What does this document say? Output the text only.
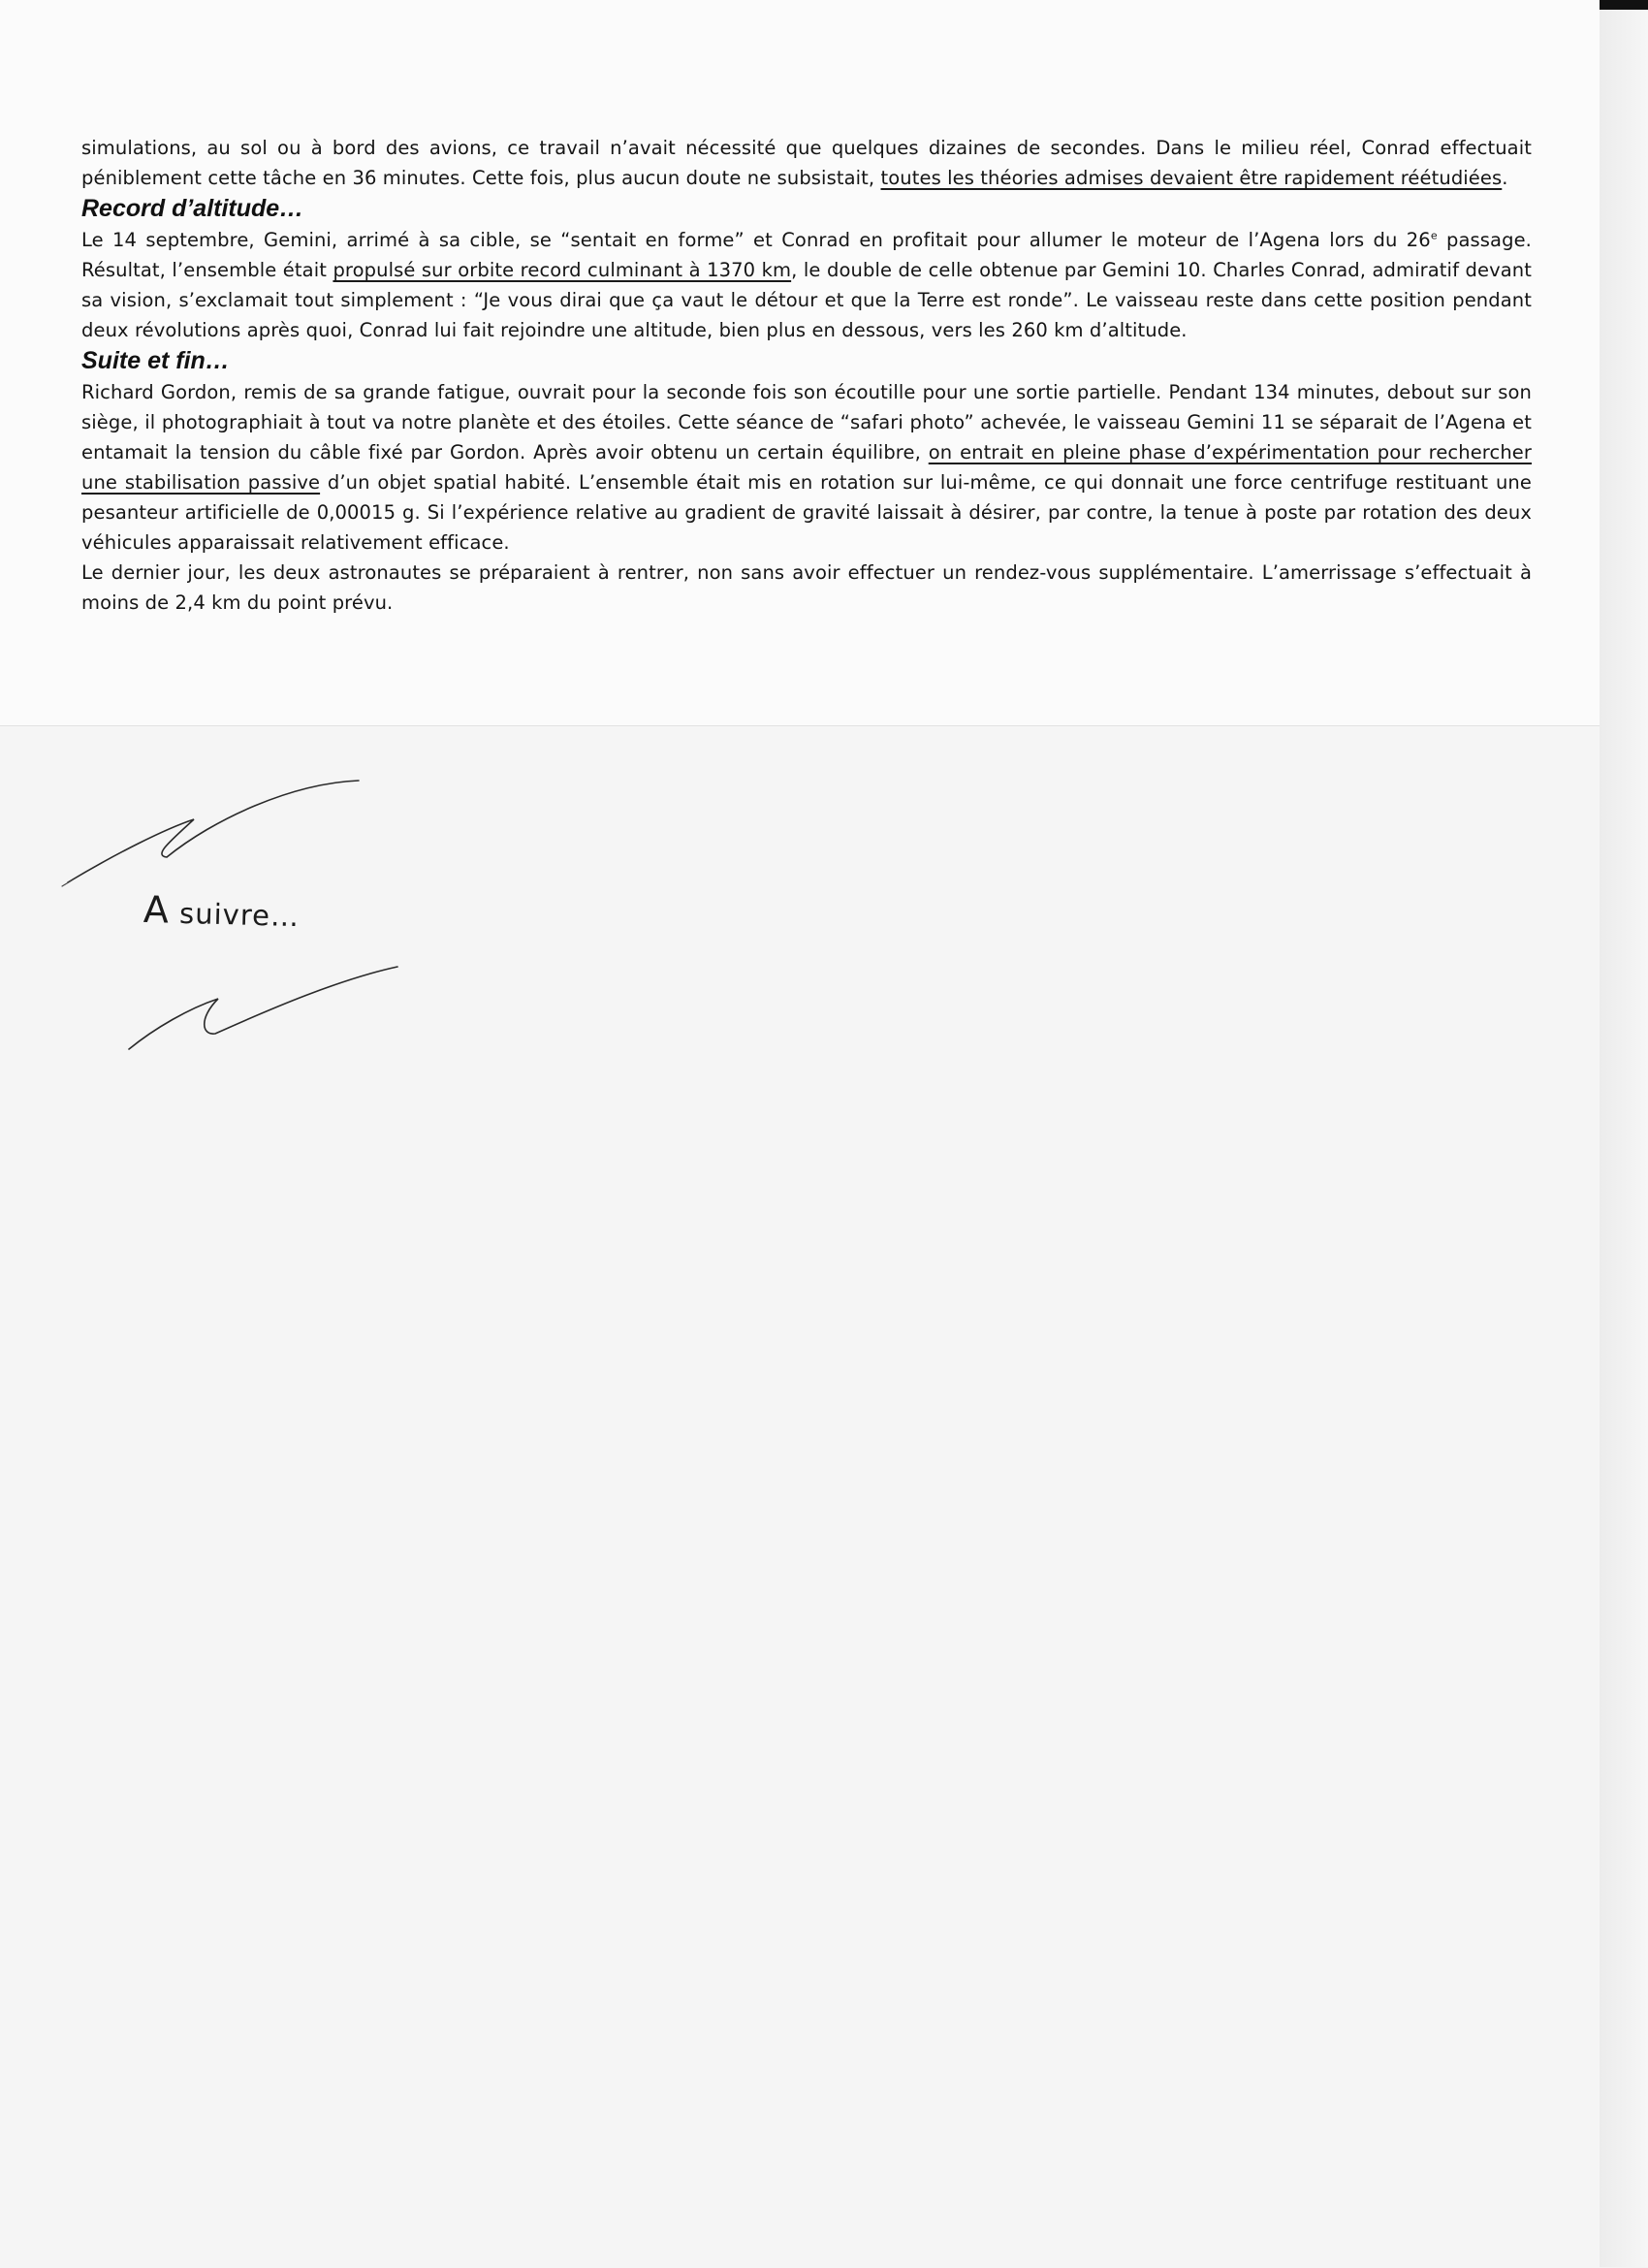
simulations, au sol ou à bord des avions, ce travail n’avait nécessité que quelques dizaines de secondes. Dans le milieu réel, Conrad effectuait péniblement cette tâche en 36 minutes. Cette fois, plus aucun doute ne subsistait, toutes les théories admises devaient être rapidement réétudiées.

Record d’altitude…

Le 14 septembre, Gemini, arrimé à sa cible, se “sentait en forme” et Conrad en profitait pour allumer le moteur de l’Agena lors du 26e passage. Résultat, l’ensemble était propulsé sur orbite record culminant à 1370 km, le double de celle obtenue par Gemini 10. Charles Conrad, admiratif devant sa vision, s’exclamait tout simplement : “Je vous dirai que ça vaut le détour et que la Terre est ronde”. Le vaisseau reste dans cette position pendant deux révolutions après quoi, Conrad lui fait rejoindre une altitude, bien plus en dessous, vers les 260 km d’altitude.

Suite et fin…

Richard Gordon, remis de sa grande fatigue, ouvrait pour la seconde fois son écoutille pour une sortie partielle. Pendant 134 minutes, debout sur son siège, il photographiait à tout va notre planète et des étoiles. Cette séance de “safari photo” achevée, le vaisseau Gemini 11 se séparait de l’Agena et entamait la tension du câble fixé par Gordon. Après avoir obtenu un certain équilibre, on entrait en pleine phase d’expérimentation pour rechercher une stabilisation passive d’un objet spatial habité. L’ensemble était mis en rotation sur lui-même, ce qui donnait une force centrifuge restituant une pesanteur artificielle de 0,00015 g. Si l’expérience relative au gradient de gravité laissait à désirer, par contre, la tenue à poste par rotation des deux véhicules apparaissait relativement efficace.

Le dernier jour, les deux astronautes se préparaient à rentrer, non sans avoir effectuer un rendez-vous supplémentaire. L’amerrissage s’effectuait à moins de 2,4 km du point prévu.

A suivre…
